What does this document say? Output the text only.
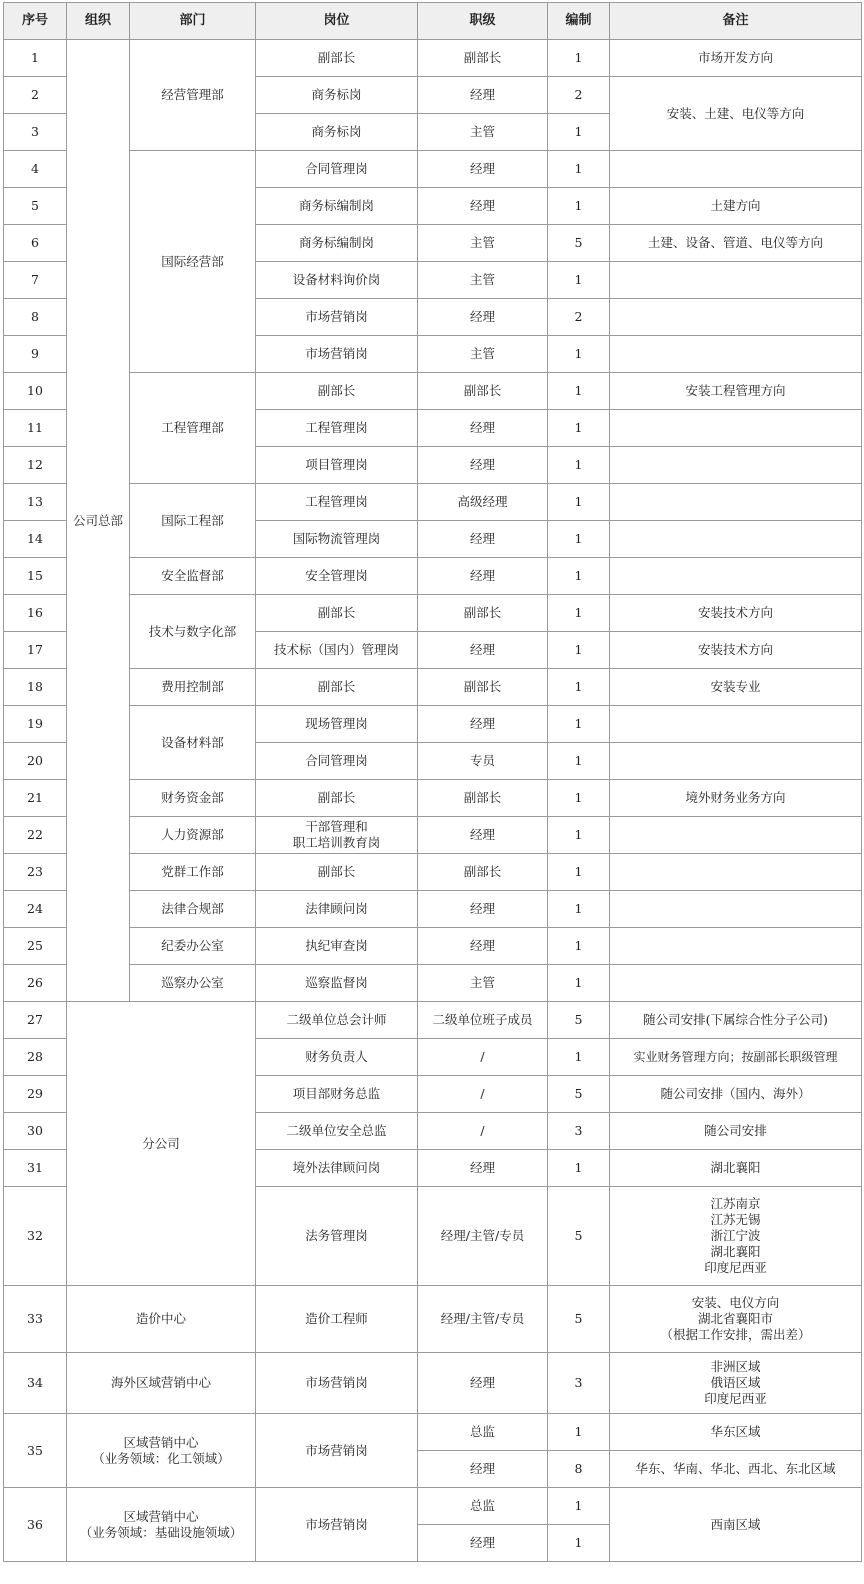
序号	组织	部门	岗位	职级	编制	备注
1	公司总部	经营管理部	副部长	副部长	1	市场开发方向
2			商务标岗	经理	2	安装、土建、电仪等方向
3			商务标岗	主管	1	
4		国际经营部	合同管理岗	经理	1	
5			商务标编制岗	经理	1	土建方向
6			商务标编制岗	主管	5	土建、设备、管道、电仪等方向
7			设备材料询价岗	主管	1	
8			市场营销岗	经理	2	
9			市场营销岗	主管	1	
10		工程管理部	副部长	副部长	1	安装工程管理方向
11			工程管理岗	经理	1	
12			项目管理岗	经理	1	
13		国际工程部	工程管理岗	高级经理	1	
14			国际物流管理岗	经理	1	
15		安全监督部	安全管理岗	经理	1	
16		技术与数字化部	副部长	副部长	1	安装技术方向
17			技术标（国内）管理岗	经理	1	安装技术方向
18		费用控制部	副部长	副部长	1	安装专业
19		设备材料部	现场管理岗	经理	1	
20			合同管理岗	专员	1	
21		财务资金部	副部长	副部长	1	境外财务业务方向
22		人力资源部	干部管理和
职工培训教育岗	经理	1	
23		党群工作部	副部长	副部长	1	
24		法律合规部	法律顾问岗	经理	1	
25		纪委办公室	执纪审查岗	经理	1	
26		巡察办公室	巡察监督岗	主管	1	
27	分公司		二级单位总会计师	二级单位班子成员	5	随公司安排(下属综合性分子公司)
28			财务负责人	/	1	实业财务管理方向；按副部长职级管理
29			项目部财务总监	/	5	随公司安排（国内、海外）
30			二级单位安全总监	/	3	随公司安排
31			境外法律顾问岗	经理	1	湖北襄阳
32			法务管理岗	经理/主管/专员	5	江苏南京
江苏无锡
浙江宁波
湖北襄阳
印度尼西亚

33	造价中心		造价工程师	经理/主管/专员	5	安装、电仪方向
湖北省襄阳市
（根据工作安排，需出差）

34	海外区域营销中心		市场营销岗	经理	3	非洲区域
俄语区域
印度尼西亚

35	区域营销中心
（业务领域：化工领域）		市场营销岗	总监	1	华东区域
				经理	8	华东、华南、华北、西北、东北区域
36	区域营销中心
（业务领域：基础设施领域）		市场营销岗	总监	1	西南区域
				经理	1	
